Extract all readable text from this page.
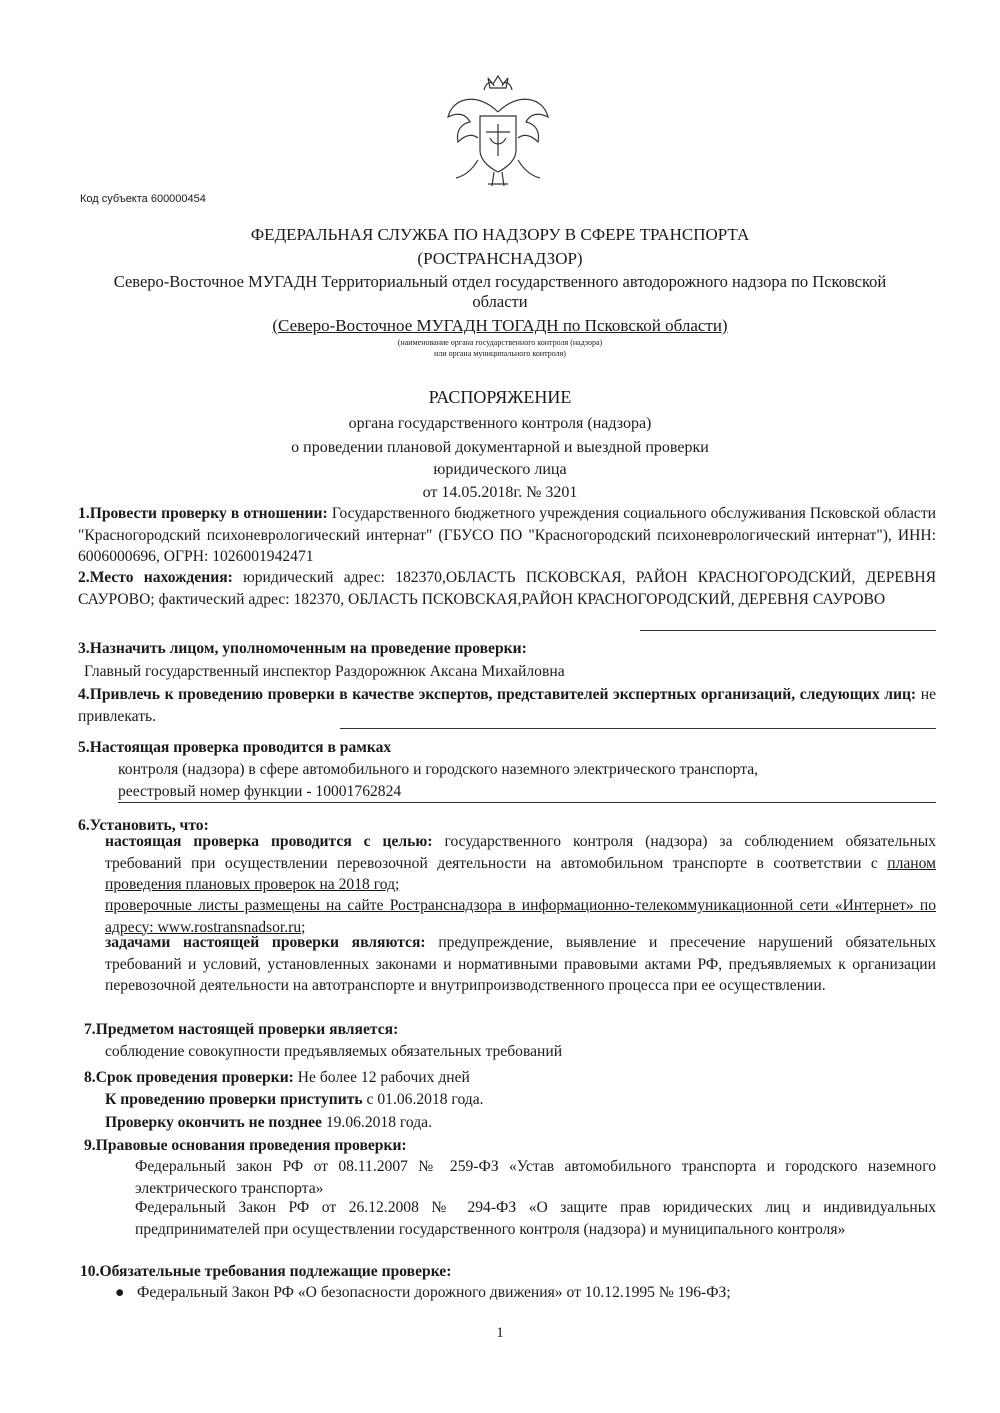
Код субъекта 600000454
ФЕДЕРАЛЬНАЯ СЛУЖБА ПО НАДЗОРУ В СФЕРЕ ТРАНСПОРТА
(РОСТРАНСНАДЗОР)
Северо-Восточное МУГАДН Территориальный отдел государственного автодорожного надзора по Псковской области
(Северо-Восточное МУГАДН ТОГАДН по Псковской области)
(наименование органа государственного контроля (надзора)
или органа муниципального контроля)
РАСПОРЯЖЕНИЕ
органа государственного контроля (надзора)
о проведении плановой документарной и выездной проверки
юридического лица
от 14.05.2018г. № 3201
1.Провести проверку в отношении: Государственного бюджетного учреждения социального обслуживания Псковской области "Красногородский психоневрологический интернат" (ГБУСО ПО "Красногородский психоневрологический интернат"), ИНН: 6006000696, ОГРН: 1026001942471
2.Место нахождения: юридический адрес: 182370,ОБЛАСТЬ ПСКОВСКАЯ, РАЙОН КРАСНОГОРОДСКИЙ, ДЕРЕВНЯ САУРОВО; фактический адрес: 182370, ОБЛАСТЬ ПСКОВСКАЯ,РАЙОН КРАСНОГОРОДСКИЙ, ДЕРЕВНЯ САУРОВО
3.Назначить лицом, уполномоченным на проведение проверки:
Главный государственный инспектор Раздорожнюк Аксана Михайловна
4.Привлечь к проведению проверки в качестве экспертов, представителей экспертных организаций, следующих лиц: не привлекать.
5.Настоящая проверка проводится в рамках
контроля (надзора) в сфере автомобильного и городского наземного электрического транспорта,
реестровый номер функции - 10001762824
6.Установить, что:
настоящая проверка проводится с целью: государственного контроля (надзора) за соблюдением обязательных требований при осуществлении перевозочной деятельности на автомобильном транспорте в соответствии с планом проведения плановых проверок на 2018 год;
проверочные листы размещены на сайте Ространснадзора в информационно-телекоммуникационной сети «Интернет» по адресу: www.rostransnadsor.ru;
задачами настоящей проверки являются: предупреждение, выявление и пресечение нарушений обязательных требований и условий, установленных законами и нормативными правовыми актами РФ, предъявляемых к организации перевозочной деятельности на автотранспорте и внутрипроизводственного процесса при ее осуществлении.
7.Предметом настоящей проверки является:
соблюдение совокупности предъявляемых обязательных требований
8.Срок проведения проверки: Не более 12 рабочих дней
К проведению проверки приступить с 01.06.2018 года.
Проверку окончить не позднее 19.06.2018 года.
9.Правовые основания проведения проверки:
Федеральный закон РФ от 08.11.2007 № 259-ФЗ «Устав автомобильного транспорта и городского наземного электрического транспорта»
Федеральный Закон РФ от 26.12.2008 № 294-ФЗ «О защите прав юридических лиц и индивидуальных предпринимателей при осуществлении государственного контроля (надзора) и муниципального контроля»
10.Обязательные требования подлежащие проверке:
● Федеральный Закон РФ «О безопасности дорожного движения» от 10.12.1995 № 196-ФЗ;
1
